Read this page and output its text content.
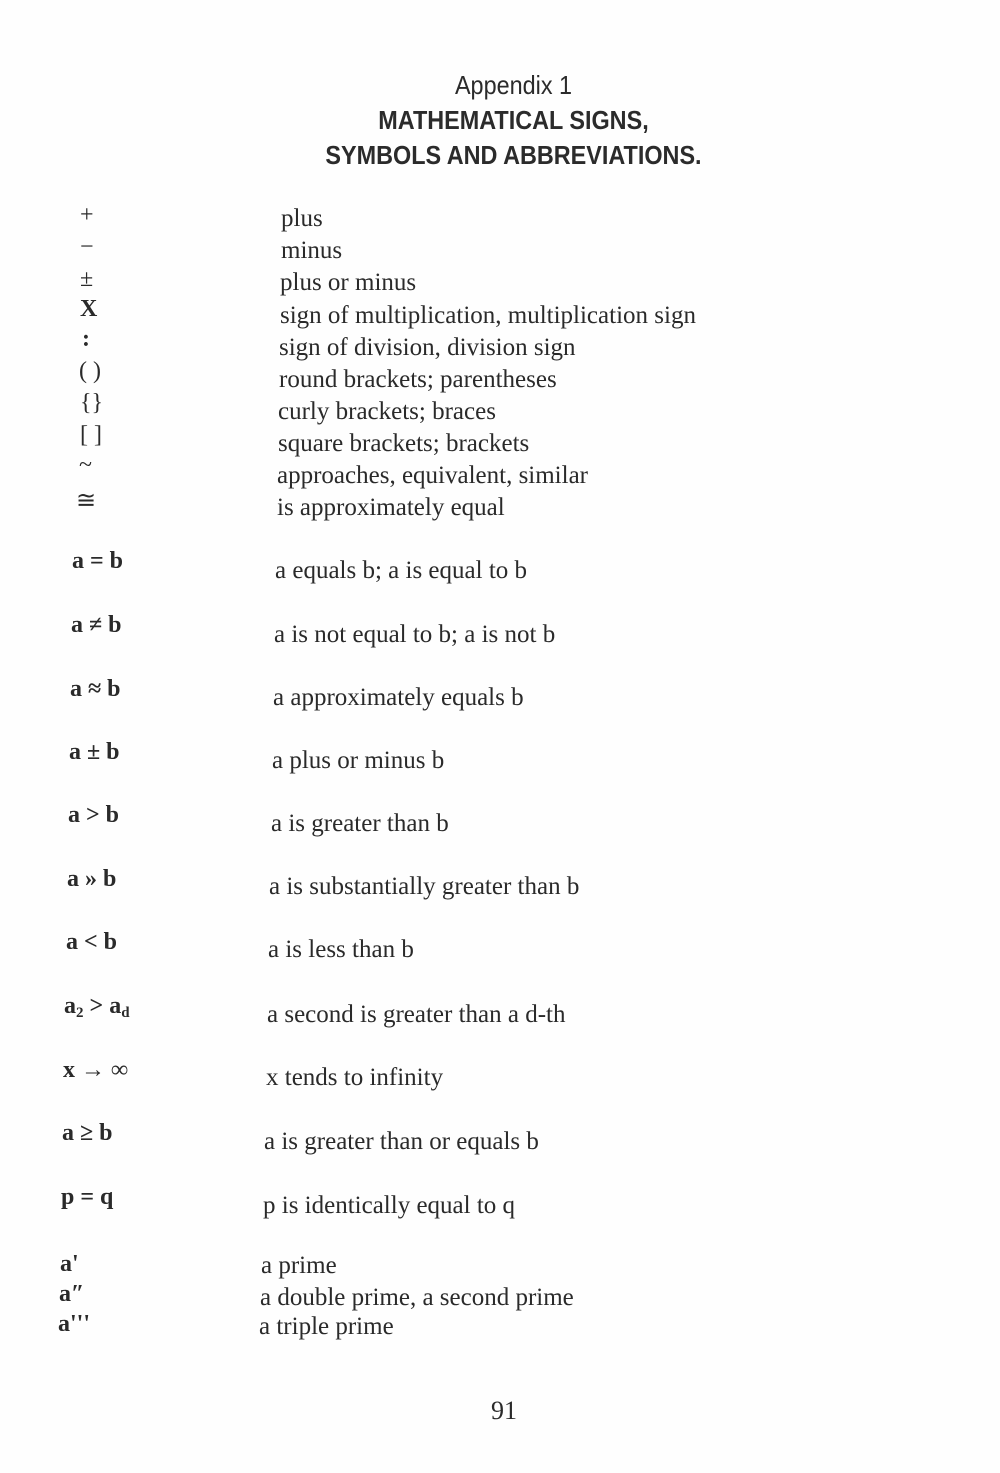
Appendix 1
MATHEMATICAL SIGNS,
SYMBOLS AND ABBREVIATIONS.
+	plus
−	minus
±	plus or minus
X	sign of multiplication, multiplication sign
:	sign of division, division sign
( )	round brackets; parentheses
{}	curly brackets; braces
[ ]	square brackets; brackets
~	approaches, equivalent, similar
≅	is approximately equal
a = b	a equals b; a is equal to b
a ≠ b	a is not equal to b; a is not b
a ≈ b	a approximately equals b
a ± b	a plus or minus b
a > b	a is greater than b
a » b	a is substantially greater than b
a < b	a is less than b
$a_2 > a_d$	a second is greater than a d-th
x → ∞	x tends to infinity
a ≥ b	a is greater than or equals b
p = q	p is identically equal to q
a'	a prime
a″	a double prime, a second prime
a'''	a triple prime
91
